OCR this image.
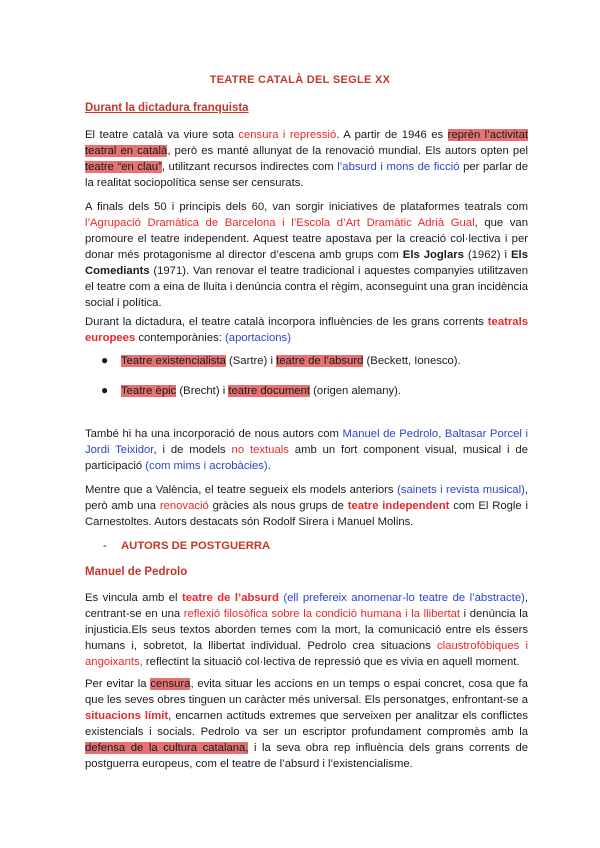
TEATRE CATALÀ DEL SEGLE XX
Durant la dictadura franquista

El teatre català va viure sota censura i repressió. A partir de 1946 es reprèn l’activitat teatral en català, però es manté allunyat de la renovació mundial. Els autors opten pel teatre “en clau”, utilitzant recursos indirectes com l’absurd i mons de ficció per parlar de la realitat sociopolítica sense ser censurats.

A finals dels 50 i principis dels 60, van sorgir iniciatives de plataformes teatrals com l’Agrupació Dramàtica de Barcelona i l’Escola d’Art Dramàtic Adrià Gual, que van promoure el teatre independent. Aquest teatre apostava per la creació col·lectiva i per donar més protagonisme al director d’escena amb grups com Els Joglars (1962) i Els Comediants (1971). Van renovar el teatre tradicional i aquestes companyies utilitzaven el teatre com a eina de lluita i denúncia contra el règim, aconseguint una gran incidència social i política.

Durant la dictadura, el teatre català incorpora influències de les grans corrents teatrals europees contemporànies: (aportacions)

● Teatre existencialista (Sartre) i teatre de l’absurd (Beckett, Ionesco).

● Teatre èpic (Brecht) i teatre document (origen alemany).

També hi ha una incorporació de nous autors com Manuel de Pedrolo, Baltasar Porcel i Jordi Teixidor, i de models no textuals amb un fort component visual, musical i de participació (com mims i acrobàcies).

Mentre que a València, el teatre segueix els models anteriors (sainets i revista musical), però amb una renovació gràcies als nous grups de teatre independent com El Rogle i Carnestoltes. Autors destacats són Rodolf Sirera i Manuel Molins.

- AUTORS DE POSTGUERRA

Manuel de Pedrolo

Es vincula amb el teatre de l’absurd (ell prefereix anomenar-lo teatre de l’abstracte), centrant-se en una reflexió filosòfica sobre la condició humana i la llibertat i denúncia la injusticia.Els seus textos aborden temes com la mort, la comunicació entre els éssers humans i, sobretot, la llibertat individual. Pedrolo crea situacions claustrofòbiques i angoixants, reflectint la situació col·lectiva de repressió que es vivia en aquell moment.

Per evitar la censura, evita situar les accions en un temps o espai concret, cosa que fa que les seves obres tinguen un caràcter més universal. Els personatges, enfrontant-se a situacions límit, encarnen actituds extremes que serveixen per analitzar els conflictes existencials i socials. Pedrolo va ser un escriptor profundament compromès amb la defensa de la cultura catalana, i la seva obra rep influència dels grans corrents de postguerra europeus, com el teatre de l’absurd i l’existencialisme.
